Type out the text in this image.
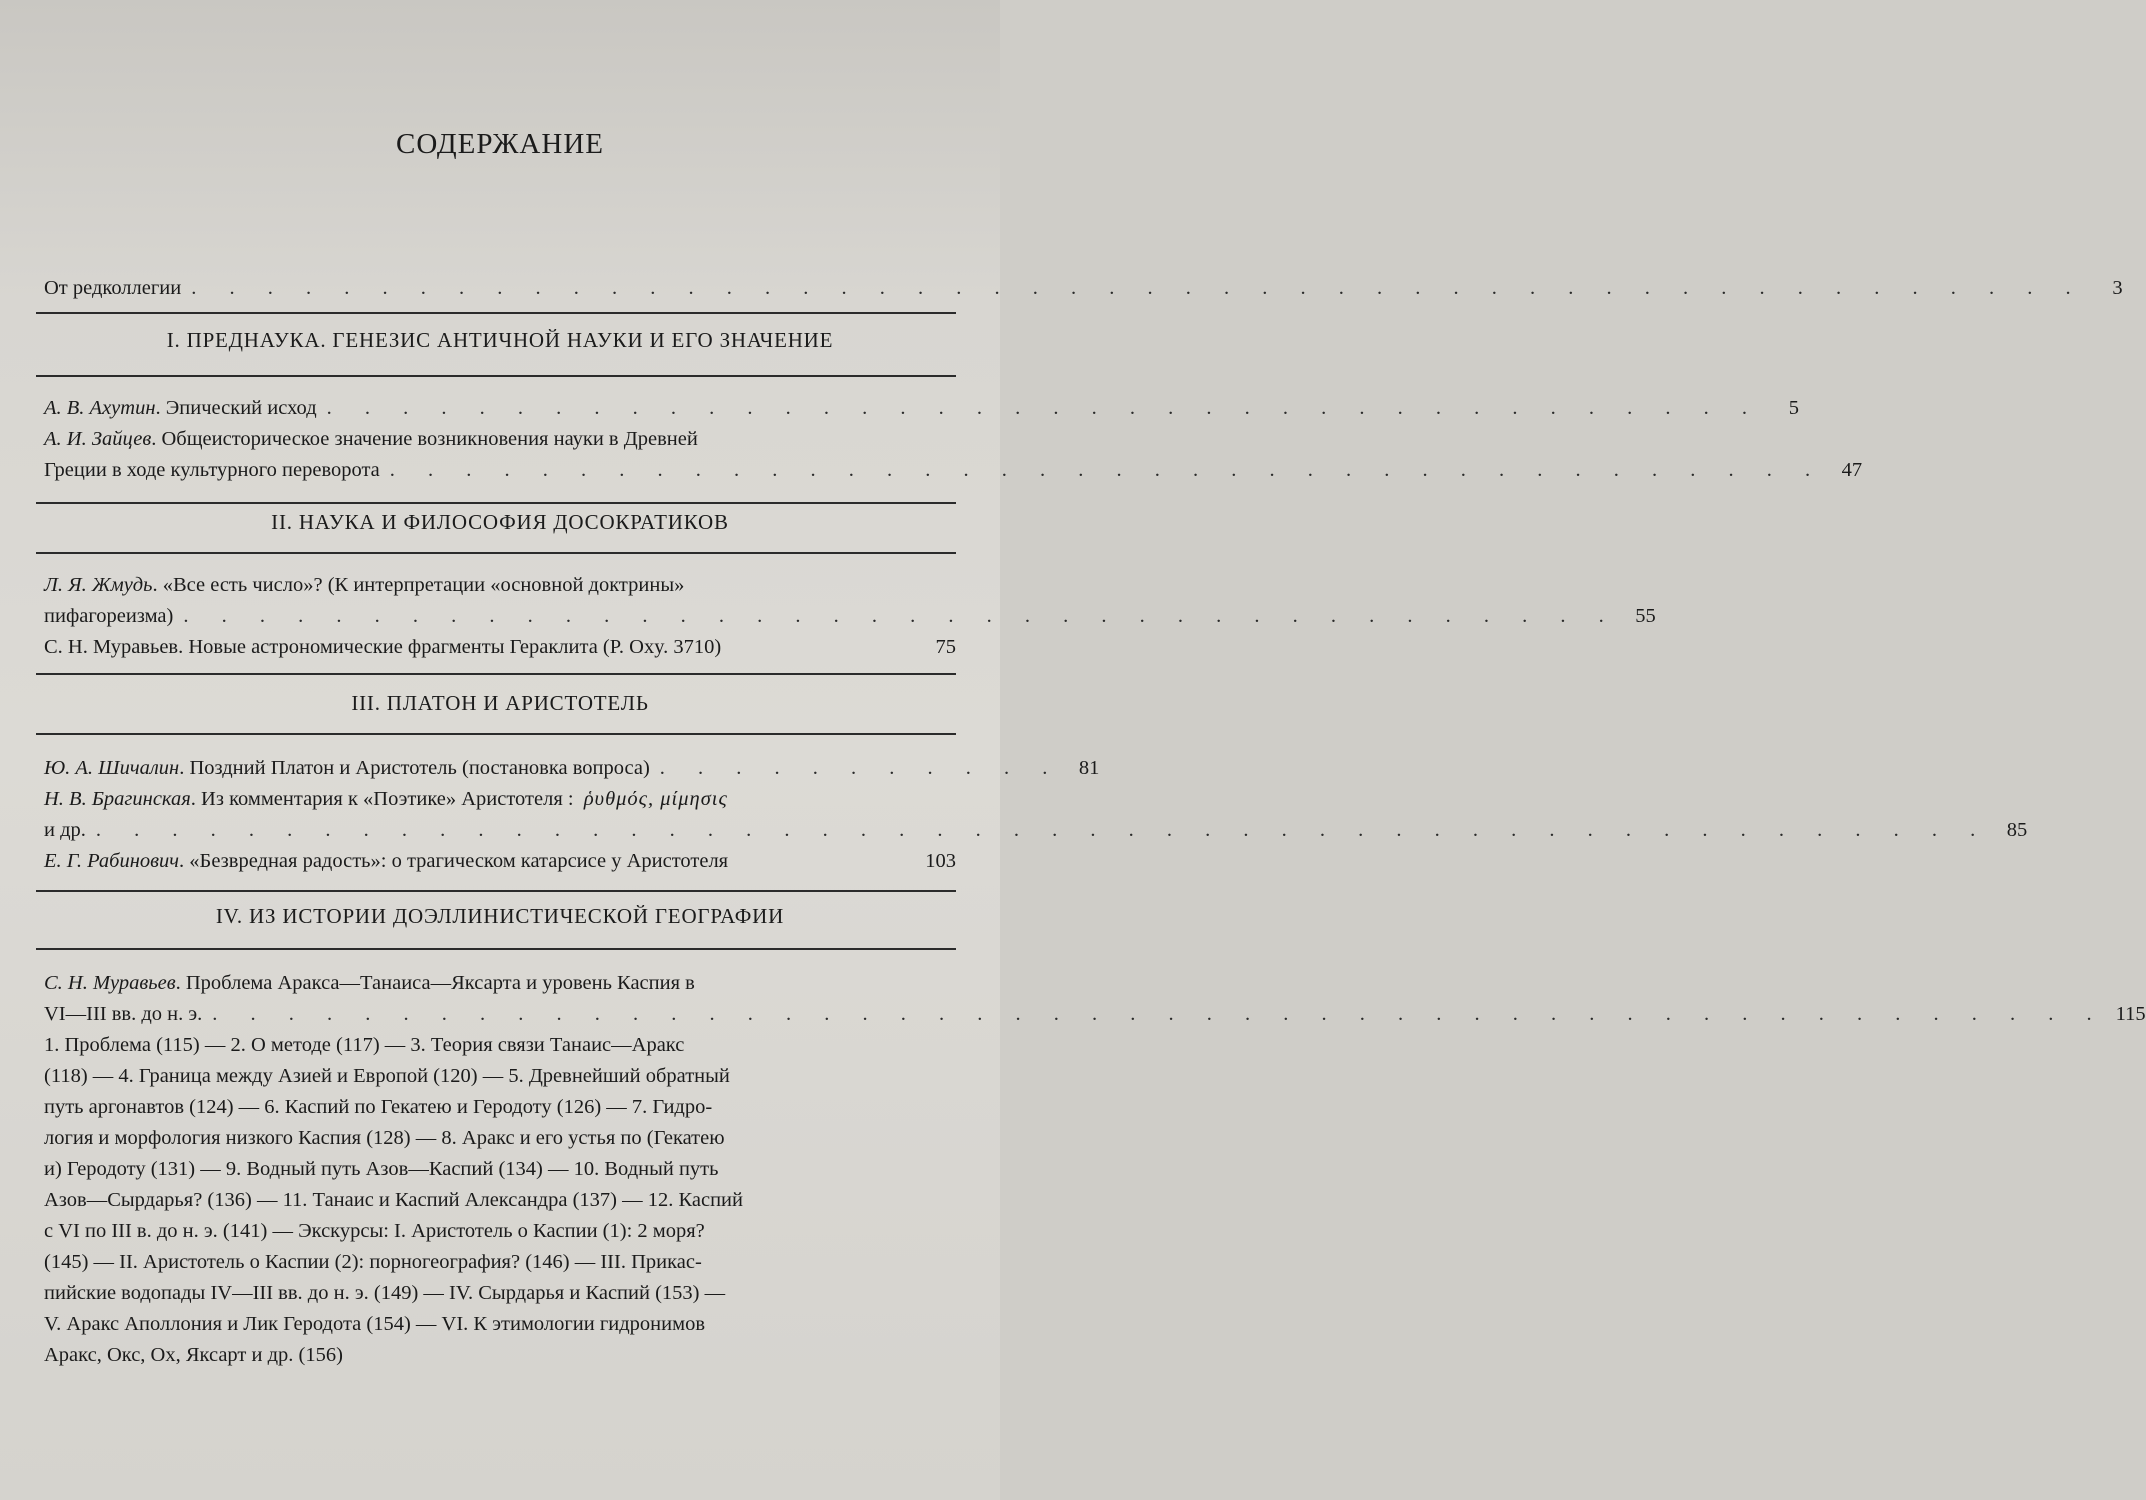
СОДЕРЖАНИЕ
От редколлегии . . . . . . . . . . . . . . . . . . . . . . . . . . . . . . . . . . . . . . . . . . . . . . . . . .	3
I. ПРЕДНАУКА. ГЕНЕЗИС АНТИЧНОЙ НАУКИ И ЕГО ЗНАЧЕНИЕ
А. В. Ахутин. Эпический исход . . . . . . . . . . . . . . . . . . . . . . . . . . . . . . . . . . . . . .	5
А. И. Зайцев. Общеисторическое значение возникновения науки в Древней
Греции в ходе культурного переворота . . . . . . . . . . . . . . . . . . . . . . . . . . . . . . . . . . . . . . 47
II. НАУКА И ФИЛОСОФИЯ ДОСОКРАТИКОВ
Л. Я. Жмудь. «Все есть число»? (К интерпретации «основной доктрины»
пифагореизма) . . . . . . . . . . . . . . . . . . . . . . . . . . . . . . . . . . . . . . 55
С. Н. Муравьев. Новые астрономические фрагменты Гераклита (P. Oxy. 3710)	75
III. ПЛАТОН И АРИСТОТЕЛЬ
Ю. А. Шичалин. Поздний Платон и Аристотель (постановка вопроса) . . . . . . . . . . . 81
Н. В. Брагинская. Из комментария к «Поэтике» Аристотеля : ῥυθμός, μίμησις
и др. . . . . . . . . . . . . . . . . . . . . . . . . . . . . . . . . . . . . . . . . . . . . . . . . . . 85
Е. Г. Рабинович. «Безвредная радость»: о трагическом катарсисе у Аристотеля	103
IV. ИЗ ИСТОРИИ ДОЭЛЛИНИСТИЧЕСКОЙ ГЕОГРАФИИ
С. Н. Муравьев. Проблема Аракса—Танаиса—Яксарта и уровень Каспия в
VI—III вв. до н. э. . . . . . . . . . . . . . . . . . . . . . . . . . . . . . . . . . . . . . . . . . . . . . . . . . . 115
1. Проблема (115) — 2. О методе (117) — 3. Теория связи Танаис—Аракс
(118) — 4. Граница между Азией и Европой (120) — 5. Древнейший обратный
путь аргонавтов (124) — 6. Каспий по Гекатею и Геродоту (126) — 7. Гидро-
логия и морфология низкого Каспия (128) — 8. Аракс и его устья по (Гекатею
и) Геродоту (131) — 9. Водный путь Азов—Каспий (134) — 10. Водный путь
Азов—Сырдарья? (136) — 11. Танаис и Каспий Александра (137) — 12. Каспий
с VI по III в. до н. э. (141) — Экскурсы: I. Аристотель о Каспии (1): 2 моря?
(145) — II. Аристотель о Каспии (2): порногеография? (146) — III. Прикас-
пийские водопады IV—III вв. до н. э. (149) — IV. Сырдарья и Каспий (153) —
V. Аракс Аполлония и Лик Геродота (154) — VI. К этимологии гидронимов
Аракс, Окс, Ох, Яксарт и др. (156)
